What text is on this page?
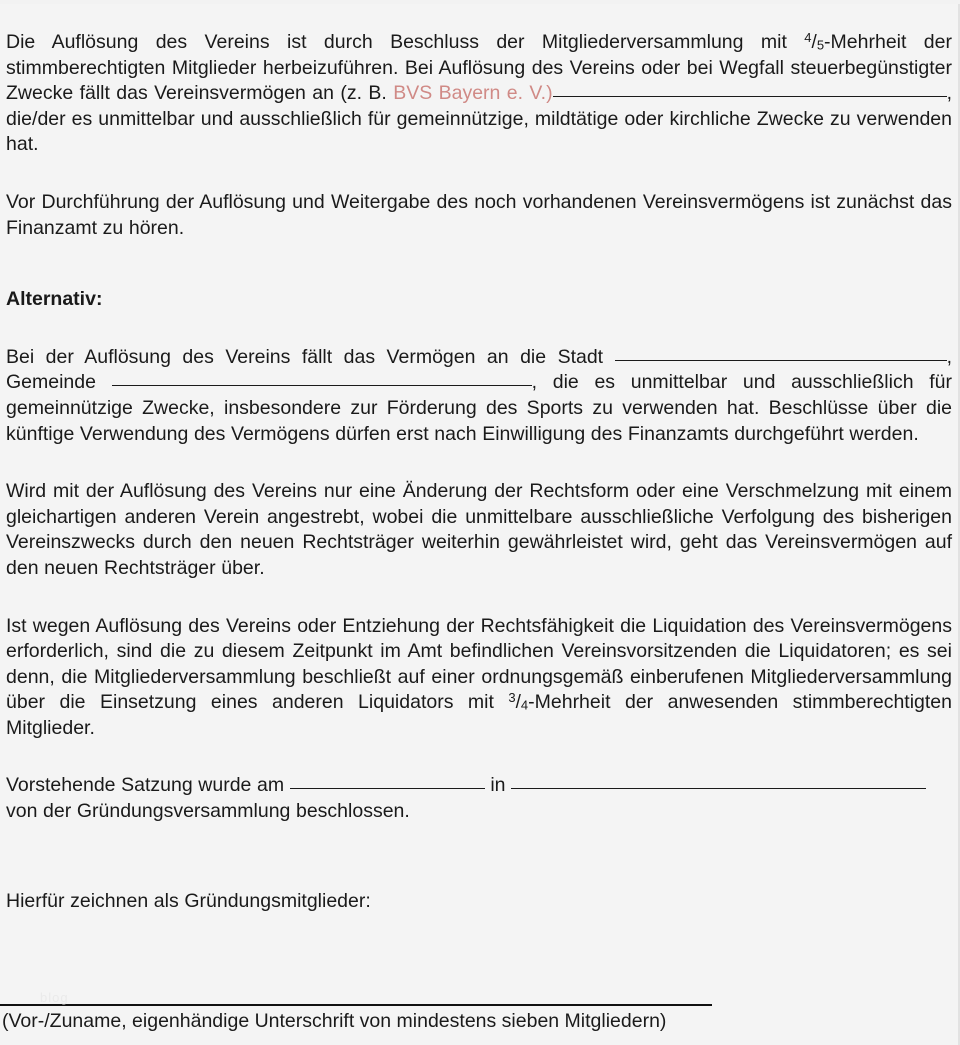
Die Auflösung des Vereins ist durch Beschluss der Mitgliederversammlung mit $^4$/5-Mehrheit der stimmberechtigten Mitglieder herbeizuführen. Bei Auflösung des Vereins oder bei Wegfall steuerbegünstigter Zwecke fällt das Vereinsvermögen an (z. B. BVS Bayern e. V.)	, die/der es unmittelbar und ausschließlich für gemeinnützige, mildtätige oder kirchliche Zwecke zu verwenden hat.

Vor Durchführung der Auflösung und Weitergabe des noch vorhandenen Vereinsvermögens ist zunächst das Finanzamt zu hören.

Alternativ:

Bei der Auflösung des Vereins fällt das Vermögen an die Stadt	, Gemeinde	, die es unmittelbar und ausschließlich für gemeinnützige Zwecke, insbesondere zur Förderung des Sports zu verwenden hat. Beschlüsse über die künftige Verwendung des Vermögens dürfen erst nach Einwilligung des Finanzamts durchgeführt werden.

Wird mit der Auflösung des Vereins nur eine Änderung der Rechtsform oder eine Verschmelzung mit einem gleichartigen anderen Verein angestrebt, wobei die unmittelbare ausschließliche Verfolgung des bisherigen Vereinszwecks durch den neuen Rechtsträger weiterhin gewährleistet wird, geht das Vereinsvermögen auf den neuen Rechtsträger über.

Ist wegen Auflösung des Vereins oder Entziehung der Rechtsfähigkeit die Liquidation des Vereinsvermögens erforderlich, sind die zu diesem Zeitpunkt im Amt befindlichen Vereinsvorsitzenden die Liquidatoren; es sei denn, die Mitgliederversammlung beschließt auf einer ordnungsgemäß einberufenen Mitgliederversammlung über die Einsetzung eines anderen Liquidators mit $^3$/4-Mehrheit der anwesenden stimmberechtigten Mitglieder.

Vorstehende Satzung wurde am	in
von der Gründungsversammlung beschlossen.

Hierfür zeichnen als Gründungsmitglieder:

blog
(Vor-/Zuname, eigenhändige Unterschrift von mindestens sieben Mitgliedern)
